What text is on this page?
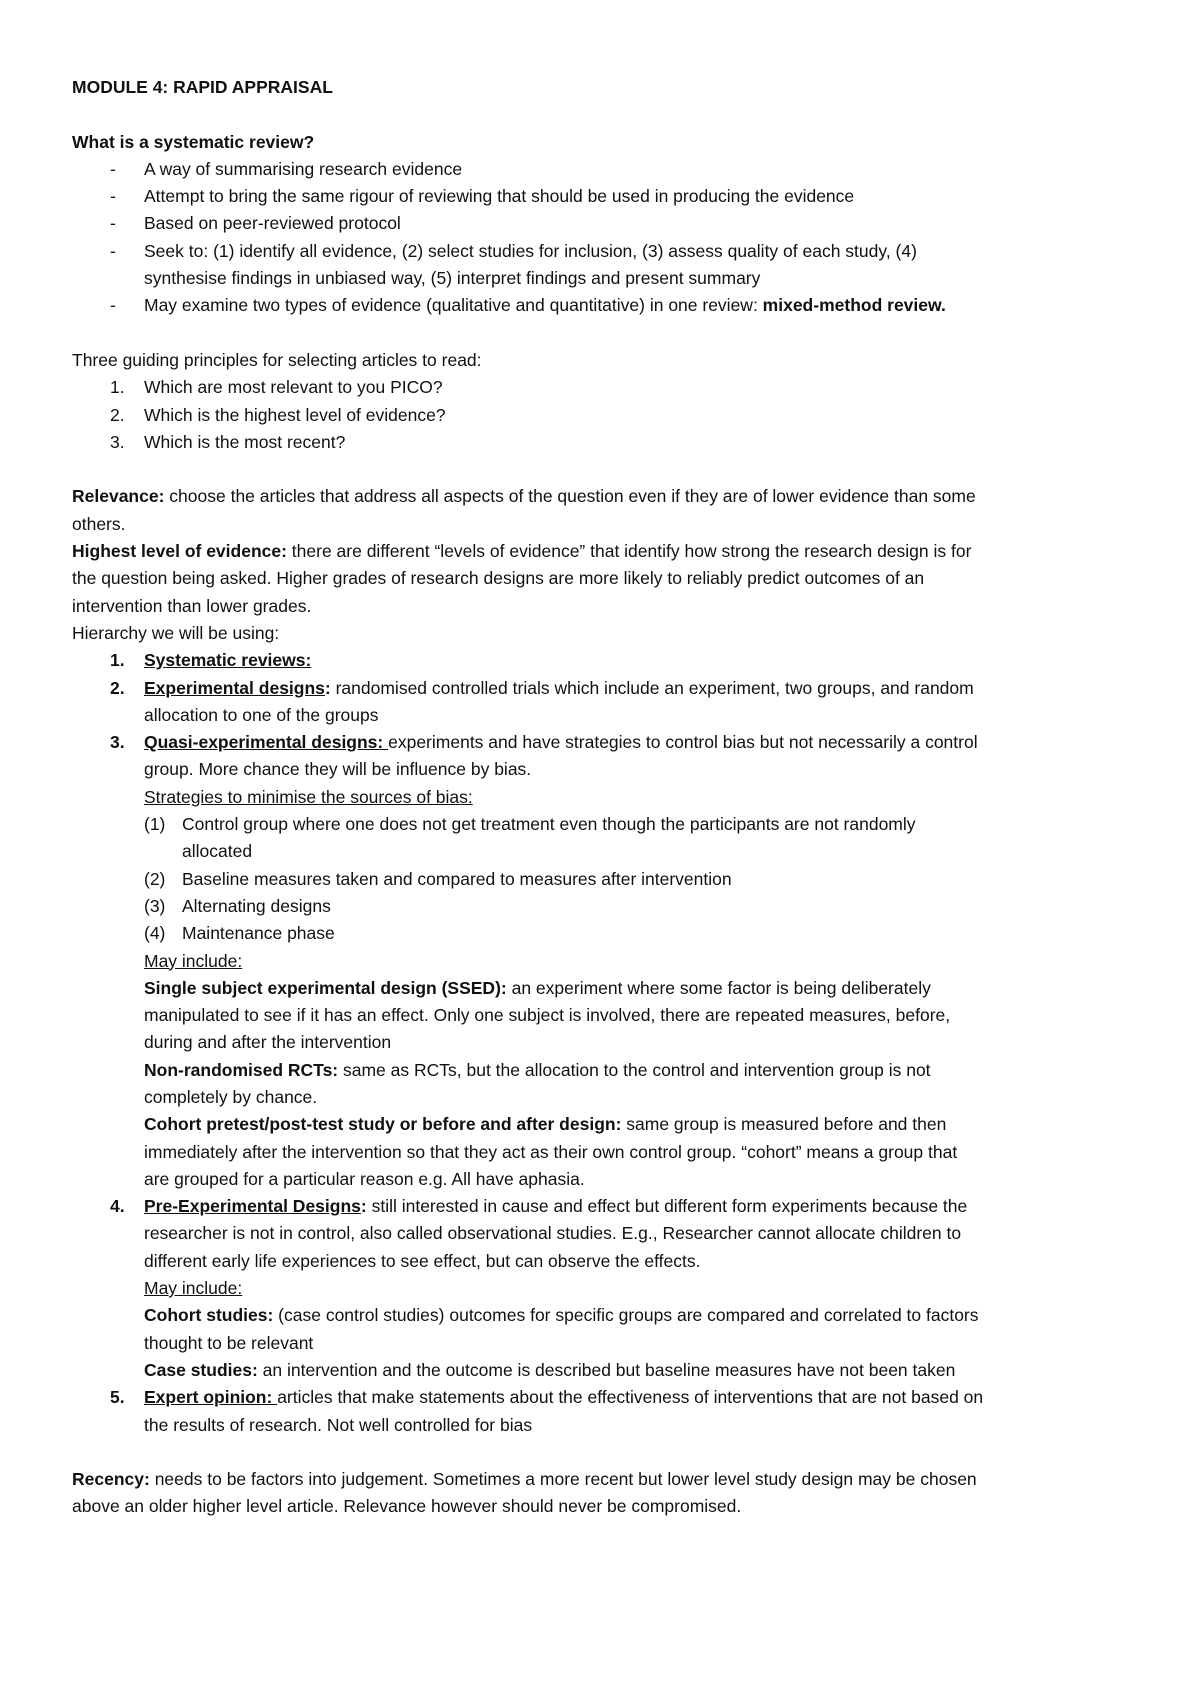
MODULE 4: RAPID APPRAISAL
What is a systematic review?
- A way of summarising research evidence
- Attempt to bring the same rigour of reviewing that should be used in producing the evidence
- Based on peer-reviewed protocol
- Seek to: (1) identify all evidence, (2) select studies for inclusion, (3) assess quality of each study, (4)
synthesise findings in unbiased way, (5) interpret findings and present summary
- May examine two types of evidence (qualitative and quantitative) in one review: mixed-method review.
Three guiding principles for selecting articles to read:
1. Which are most relevant to you PICO?
2. Which is the highest level of evidence?
3. Which is the most recent?
Relevance: choose the articles that address all aspects of the question even if they are of lower evidence than some
others.
Highest level of evidence: there are different “levels of evidence” that identify how strong the research design is for
the question being asked. Higher grades of research designs are more likely to reliably predict outcomes of an
intervention than lower grades.
Hierarchy we will be using:
1. Systematic reviews:
2. Experimental designs: randomised controlled trials which include an experiment, two groups, and random
allocation to one of the groups
3. Quasi-experimental designs: experiments and have strategies to control bias but not necessarily a control
group. More chance they will be influence by bias.
Strategies to minimise the sources of bias:
(1) Control group where one does not get treatment even though the participants are not randomly
allocated
(2) Baseline measures taken and compared to measures after intervention
(3) Alternating designs
(4) Maintenance phase
May include:
Single subject experimental design (SSED): an experiment where some factor is being deliberately
manipulated to see if it has an effect. Only one subject is involved, there are repeated measures, before,
during and after the intervention
Non-randomised RCTs: same as RCTs, but the allocation to the control and intervention group is not
completely by chance.
Cohort pretest/post-test study or before and after design: same group is measured before and then
immediately after the intervention so that they act as their own control group. “cohort” means a group that
are grouped for a particular reason e.g. All have aphasia.
4. Pre-Experimental Designs: still interested in cause and effect but different form experiments because the
researcher is not in control, also called observational studies. E.g., Researcher cannot allocate children to
different early life experiences to see effect, but can observe the effects.
May include:
Cohort studies: (case control studies) outcomes for specific groups are compared and correlated to factors
thought to be relevant
Case studies: an intervention and the outcome is described but baseline measures have not been taken
5. Expert opinion: articles that make statements about the effectiveness of interventions that are not based on
the results of research. Not well controlled for bias
Recency: needs to be factors into judgement. Sometimes a more recent but lower level study design may be chosen
above an older higher level article. Relevance however should never be compromised.
